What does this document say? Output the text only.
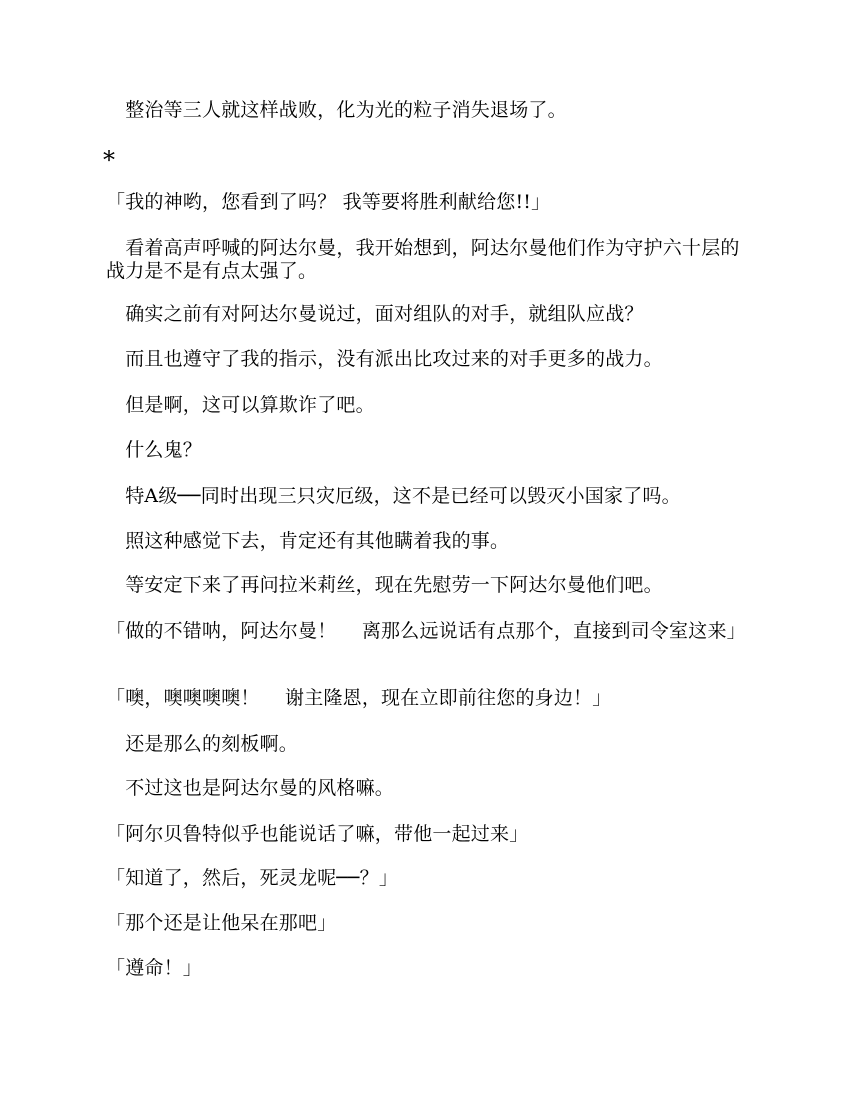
　整治等三人就这样战败，化为光的粒子消失退场了。

*

「我的神哟，您看到了吗？ 我等要将胜利献给您!!」

　看着高声呼喊的阿达尔曼，我开始想到，阿达尔曼他们作为守护六十层的战力是不是有点太强了。

　确实之前有对阿达尔曼说过，面对组队的对手，就组队应战？

　而且也遵守了我的指示，没有派出比攻过来的对手更多的战力。

　但是啊，这可以算欺诈了吧。

　什么鬼？

　特A级──同时出现三只灾厄级，这不是已经可以毁灭小国家了吗。

　照这种感觉下去，肯定还有其他瞒着我的事。

　等安定下来了再问拉米莉丝，现在先慰劳一下阿达尔曼他们吧。

「做的不错呐，阿达尔曼！　 离那么远说话有点那个，直接到司令室这来」

「噢，噢噢噢噢！　 谢主隆恩，现在立即前往您的身边！」

　还是那么的刻板啊。

　不过这也是阿达尔曼的风格嘛。

「阿尔贝鲁特似乎也能说话了嘛，带他一起过来」

「知道了，然后，死灵龙呢──？」

「那个还是让他呆在那吧」

「遵命！」
